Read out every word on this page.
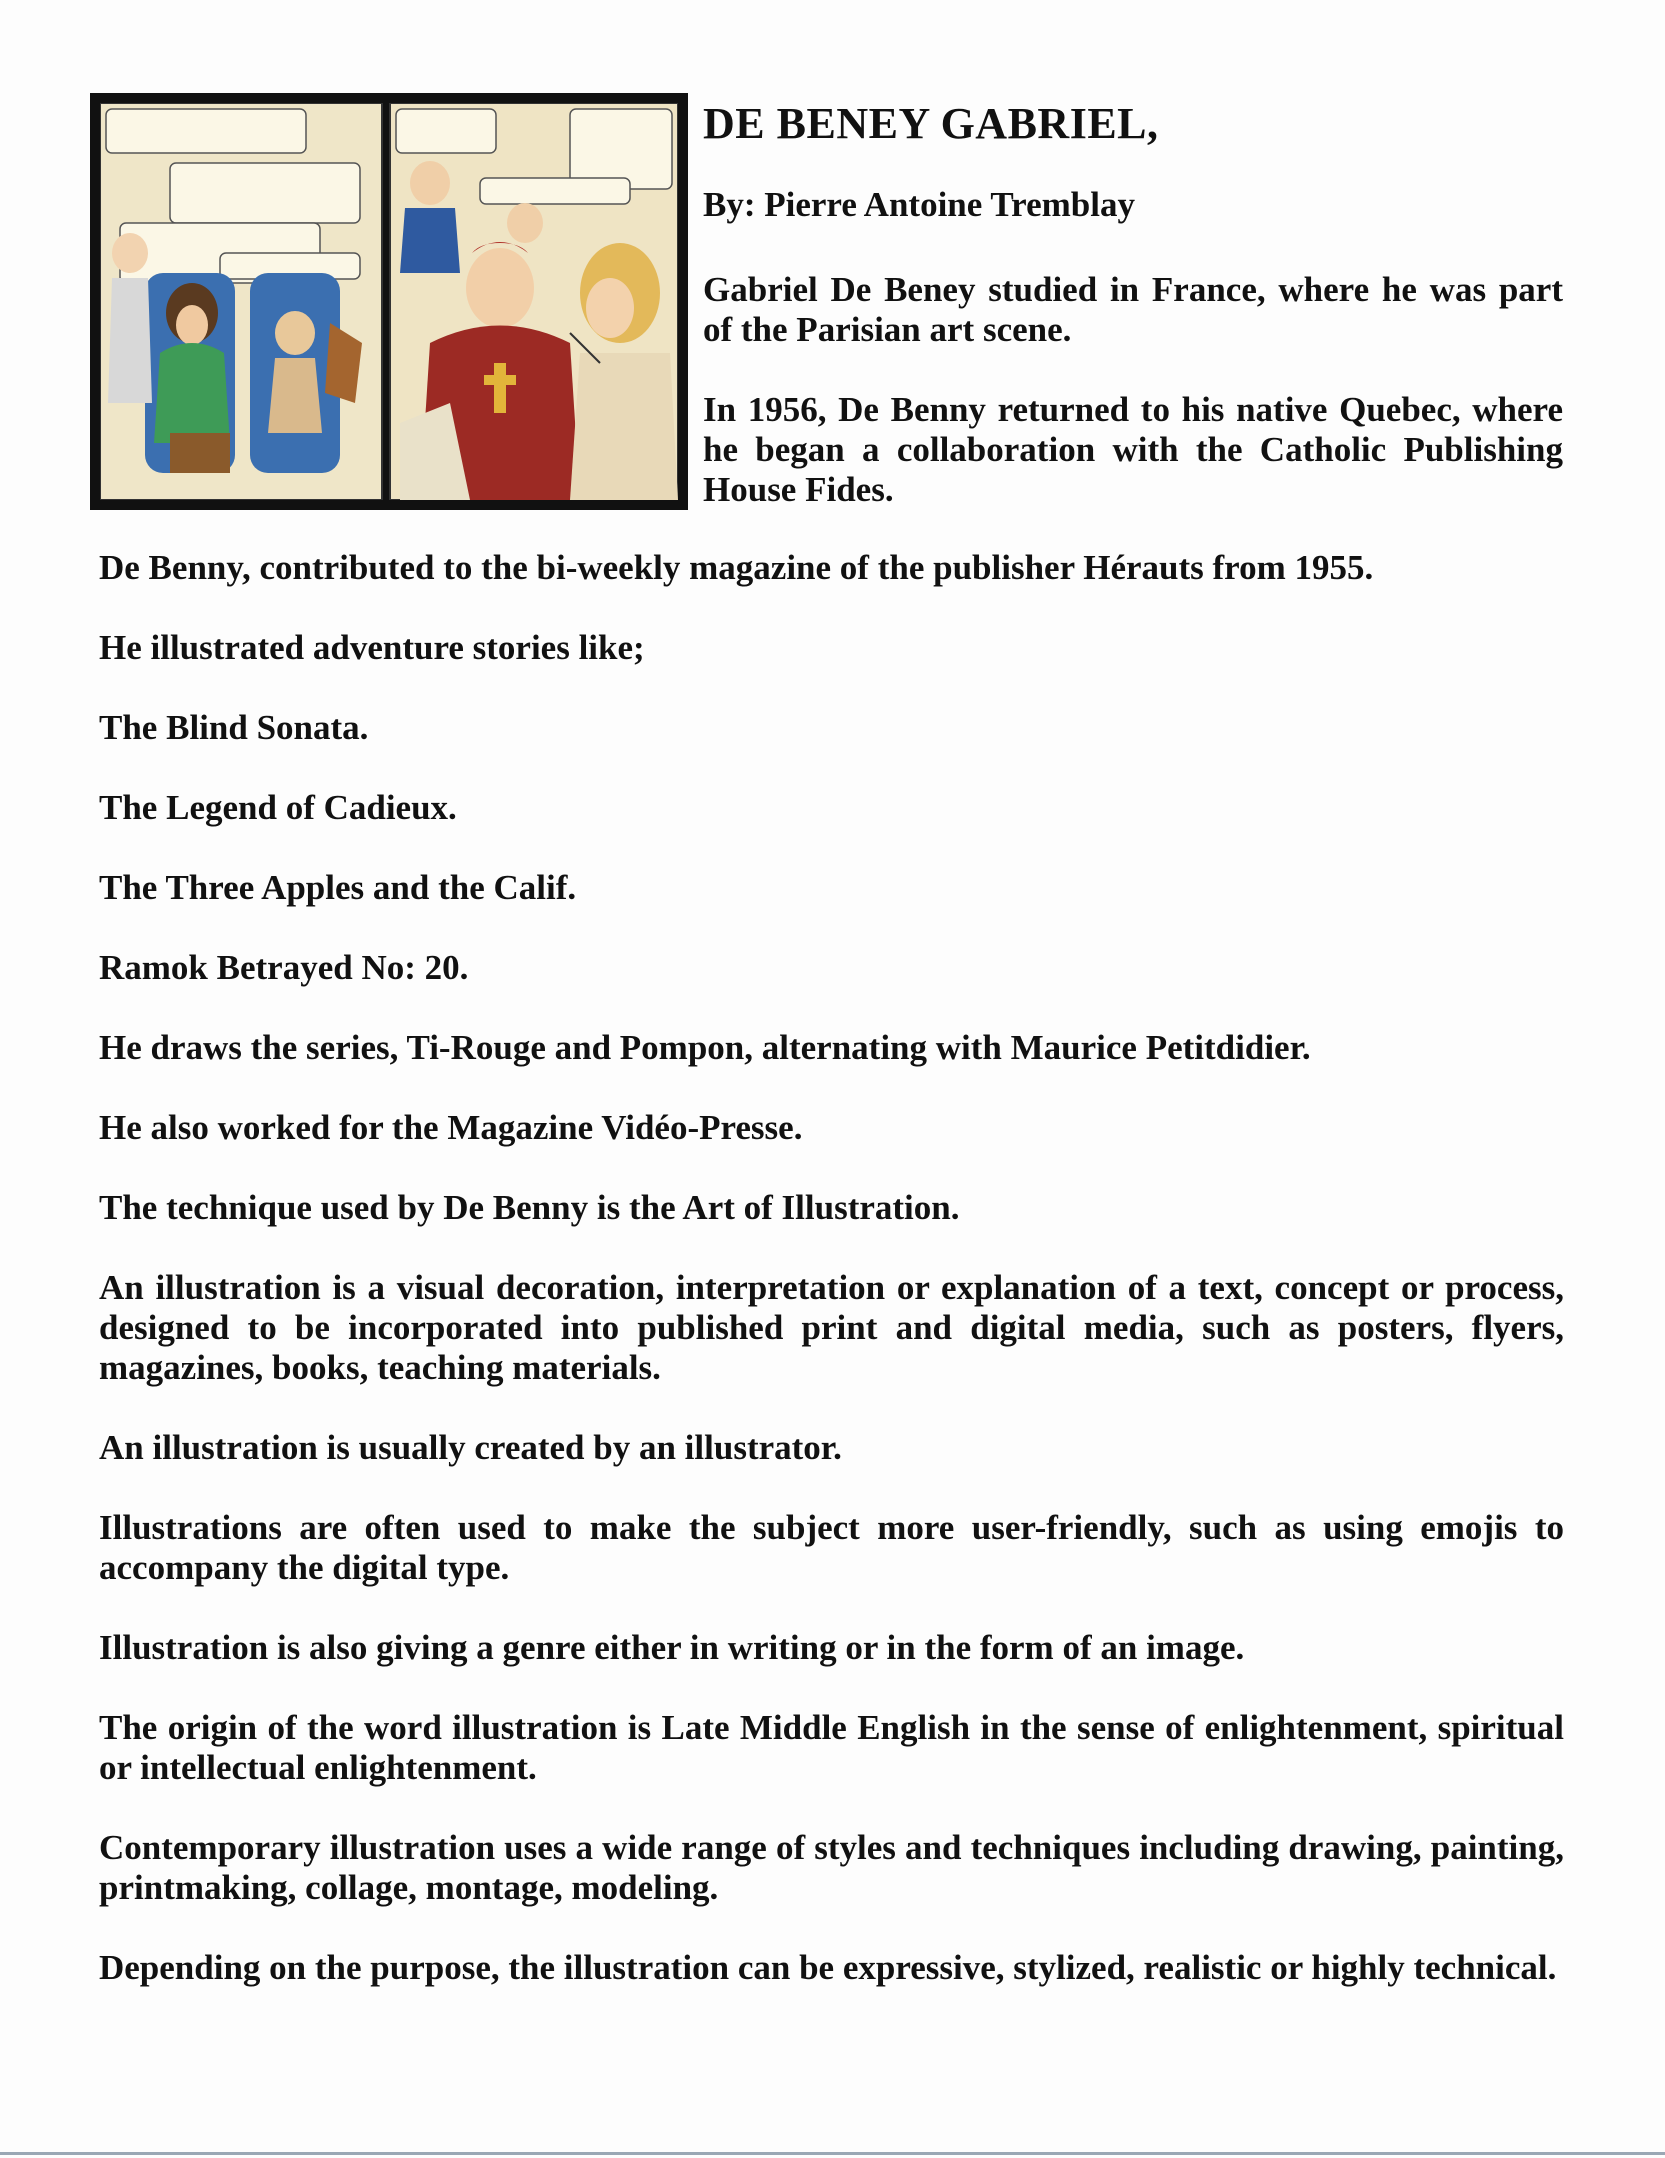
DE BENEY GABRIEL,

By: Pierre Antoine Tremblay

Gabriel De Beney studied in France, where he was part of the Parisian art scene.

In 1956, De Benny returned to his native Quebec, where he began a collaboration with the Catholic Publishing House Fides.

De Benny, contributed to the bi-weekly magazine of the publisher Hérauts from 1955.

He illustrated adventure stories like;

The Blind Sonata.

The Legend of Cadieux.

The Three Apples and the Calif.

Ramok Betrayed No: 20.

He draws the series, Ti-Rouge and Pompon, alternating with Maurice Petitdidier.

He also worked for the Magazine Vidéo-Presse.

The technique used by De Benny is the Art of Illustration.

An illustration is a visual decoration, interpretation or explanation of a text, concept or process, designed to be incorporated into published print and digital media, such as posters, flyers, magazines, books, teaching materials.

An illustration is usually created by an illustrator.

Illustrations are often used to make the subject more user-friendly, such as using emojis to accompany the digital type.

Illustration is also giving a genre either in writing or in the form of an image.

The origin of the word illustration is Late Middle English in the sense of enlightenment, spiritual or intellectual enlightenment.

Contemporary illustration uses a wide range of styles and techniques including drawing, painting, printmaking, collage, montage, modeling.

Depending on the purpose, the illustration can be expressive, stylized, realistic or highly technical.
